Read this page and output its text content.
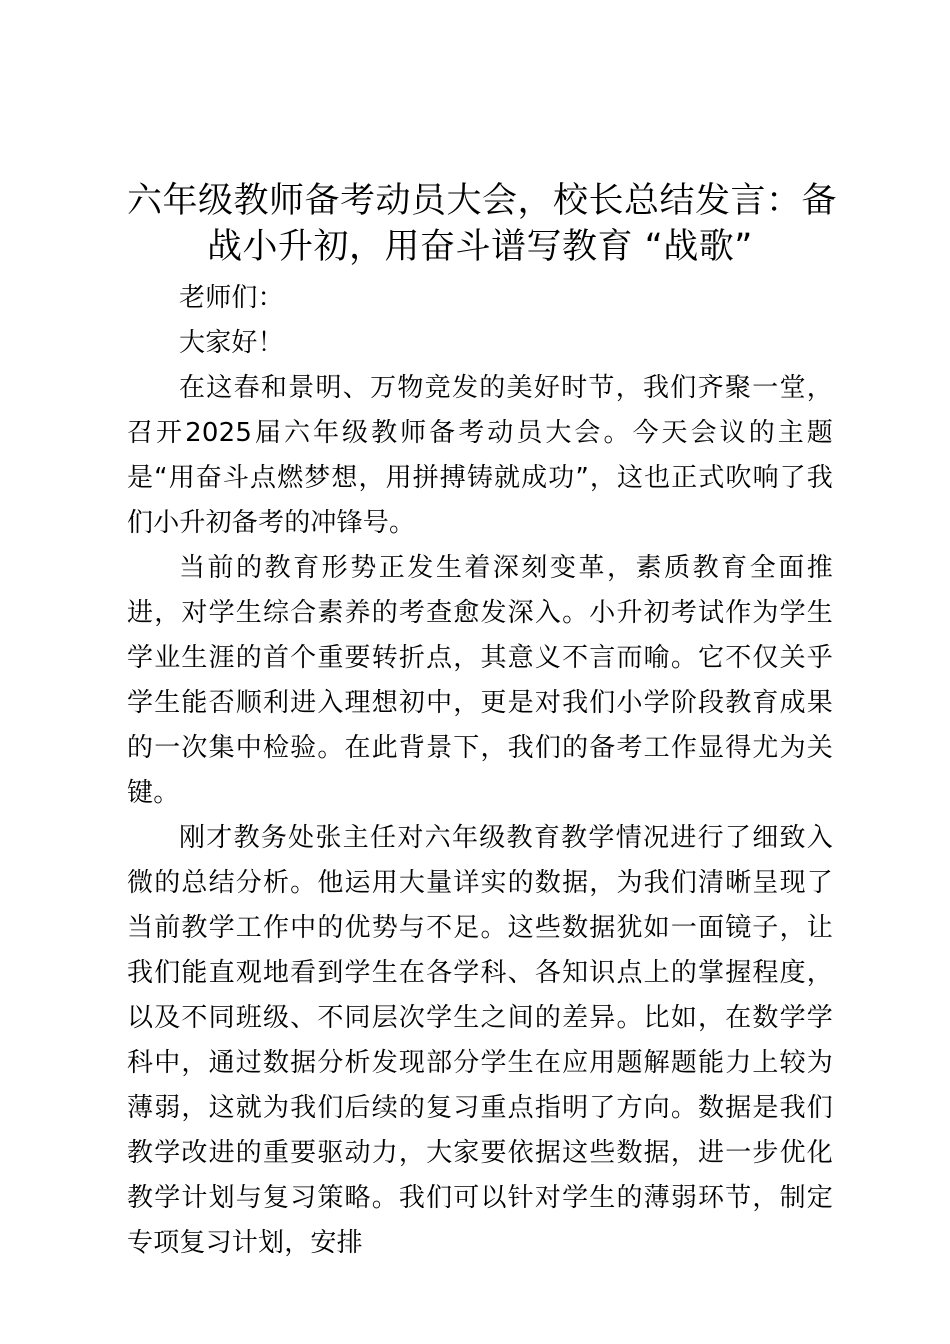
六年级教师备考动员大会，校长总结发言：备
战小升初，用奋斗谱写教育 “战歌”

老师们：

大家好！

在这春和景明、万物竞发的美好时节，我们齐聚一堂，召开2025届六年级教师备考动员大会。今天会议的主题是“用奋斗点燃梦想，用拼搏铸就成功”，这也正式吹响了我们小升初备考的冲锋号。

当前的教育形势正发生着深刻变革，素质教育全面推进，对学生综合素养的考查愈发深入。小升初考试作为学生学业生涯的首个重要转折点，其意义不言而喻。它不仅关乎学生能否顺利进入理想初中，更是对我们小学阶段教育成果的一次集中检验。在此背景下，我们的备考工作显得尤为关键。

刚才教务处张主任对六年级教育教学情况进行了细致入微的总结分析。他运用大量详实的数据，为我们清晰呈现了当前教学工作中的优势与不足。这些数据犹如一面镜子，让我们能直观地看到学生在各学科、各知识点上的掌握程度，以及不同班级、不同层次学生之间的差异。比如，在数学学科中，通过数据分析发现部分学生在应用题解题能力上较为薄弱，这就为我们后续的复习重点指明了方向。数据是我们教学改进的重要驱动力，大家要依据这些数据，进一步优化教学计划与复习策略。我们可以针对学生的薄弱环节，制定专项复习计划，安排
